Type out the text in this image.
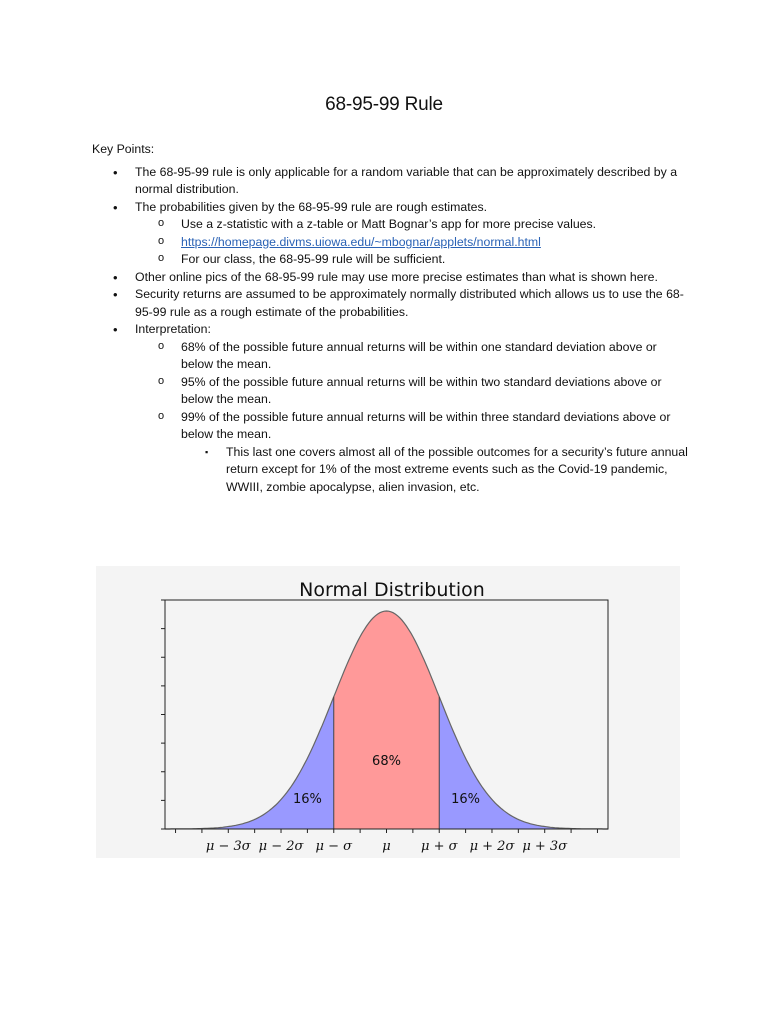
68-95-99 Rule
Key Points:
• The 68-95-99 rule is only applicable for a random variable that can be approximately described by a normal distribution.
• The probabilities given by the 68-95-99 rule are rough estimates.
o Use a z-statistic with a z-table or Matt Bognar’s app for more precise values.
o https://homepage.divms.uiowa.edu/~mbognar/applets/normal.html
o For our class, the 68-95-99 rule will be sufficient.
• Other online pics of the 68-95-99 rule may use more precise estimates than what is shown here.
• Security returns are assumed to be approximately normally distributed which allows us to use the 68-95-99 rule as a rough estimate of the probabilities.
• Interpretation:
o 68% of the possible future annual returns will be within one standard deviation above or below the mean.
o 95% of the possible future annual returns will be within two standard deviations above or below the mean.
o 99% of the possible future annual returns will be within three standard deviations above or below the mean.
▪ This last one covers almost all of the possible outcomes for a security’s future annual return except for 1% of the most extreme events such as the Covid-19 pandemic, WWIII, zombie apocalypse, alien invasion, etc.
Normal Distribution
μ − 3σ μ − 2σ μ − σ μ μ + σ μ + 2σ μ + 3σ
16%
68%
16%
